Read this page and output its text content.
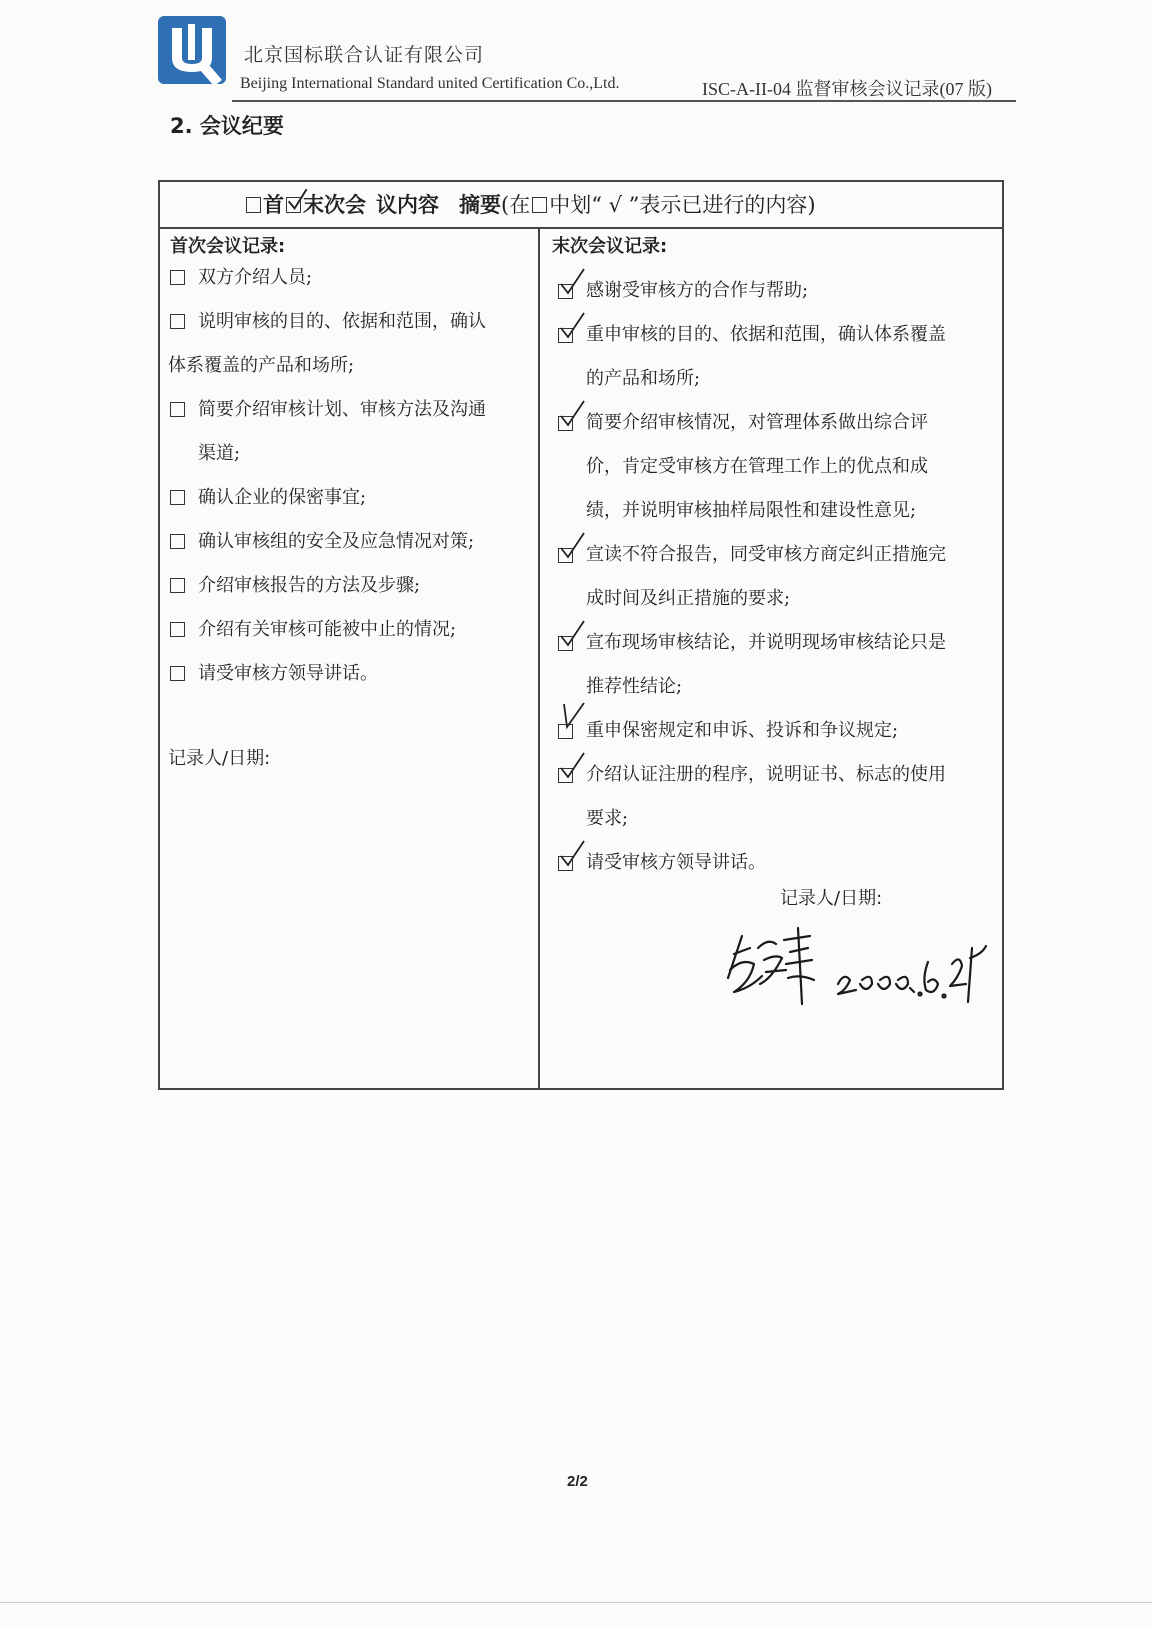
北京国标联合认证有限公司
Beijing International Standard united Certification Co.,Ltd.	ISC-A-II-04 监督审核会议记录(07 版)
2. 会议纪要
首 末次会 议内容 摘要(在 中划“ √ ”表示已进行的内容)
首次会议记录:
双方介绍人员;
说明审核的目的、依据和范围，确认
体系覆盖的产品和场所;
简要介绍审核计划、审核方法及沟通
渠道;
确认企业的保密事宜;
确认审核组的安全及应急情况对策;
介绍审核报告的方法及步骤;
介绍有关审核可能被中止的情况;
请受审核方领导讲话。
记录人/日期:
末次会议记录:
感谢受审核方的合作与帮助;
重申审核的目的、依据和范围，确认体系覆盖
的产品和场所;
简要介绍审核情况，对管理体系做出综合评
价，肯定受审核方在管理工作上的优点和成
绩，并说明审核抽样局限性和建设性意见;
宣读不符合报告，同受审核方商定纠正措施完
成时间及纠正措施的要求;
宣布现场审核结论，并说明现场审核结论只是
推荐性结论;
重申保密规定和申诉、投诉和争议规定;
介绍认证注册的程序，说明证书、标志的使用
要求;
请受审核方领导讲话。
记录人/日期:
2/2
